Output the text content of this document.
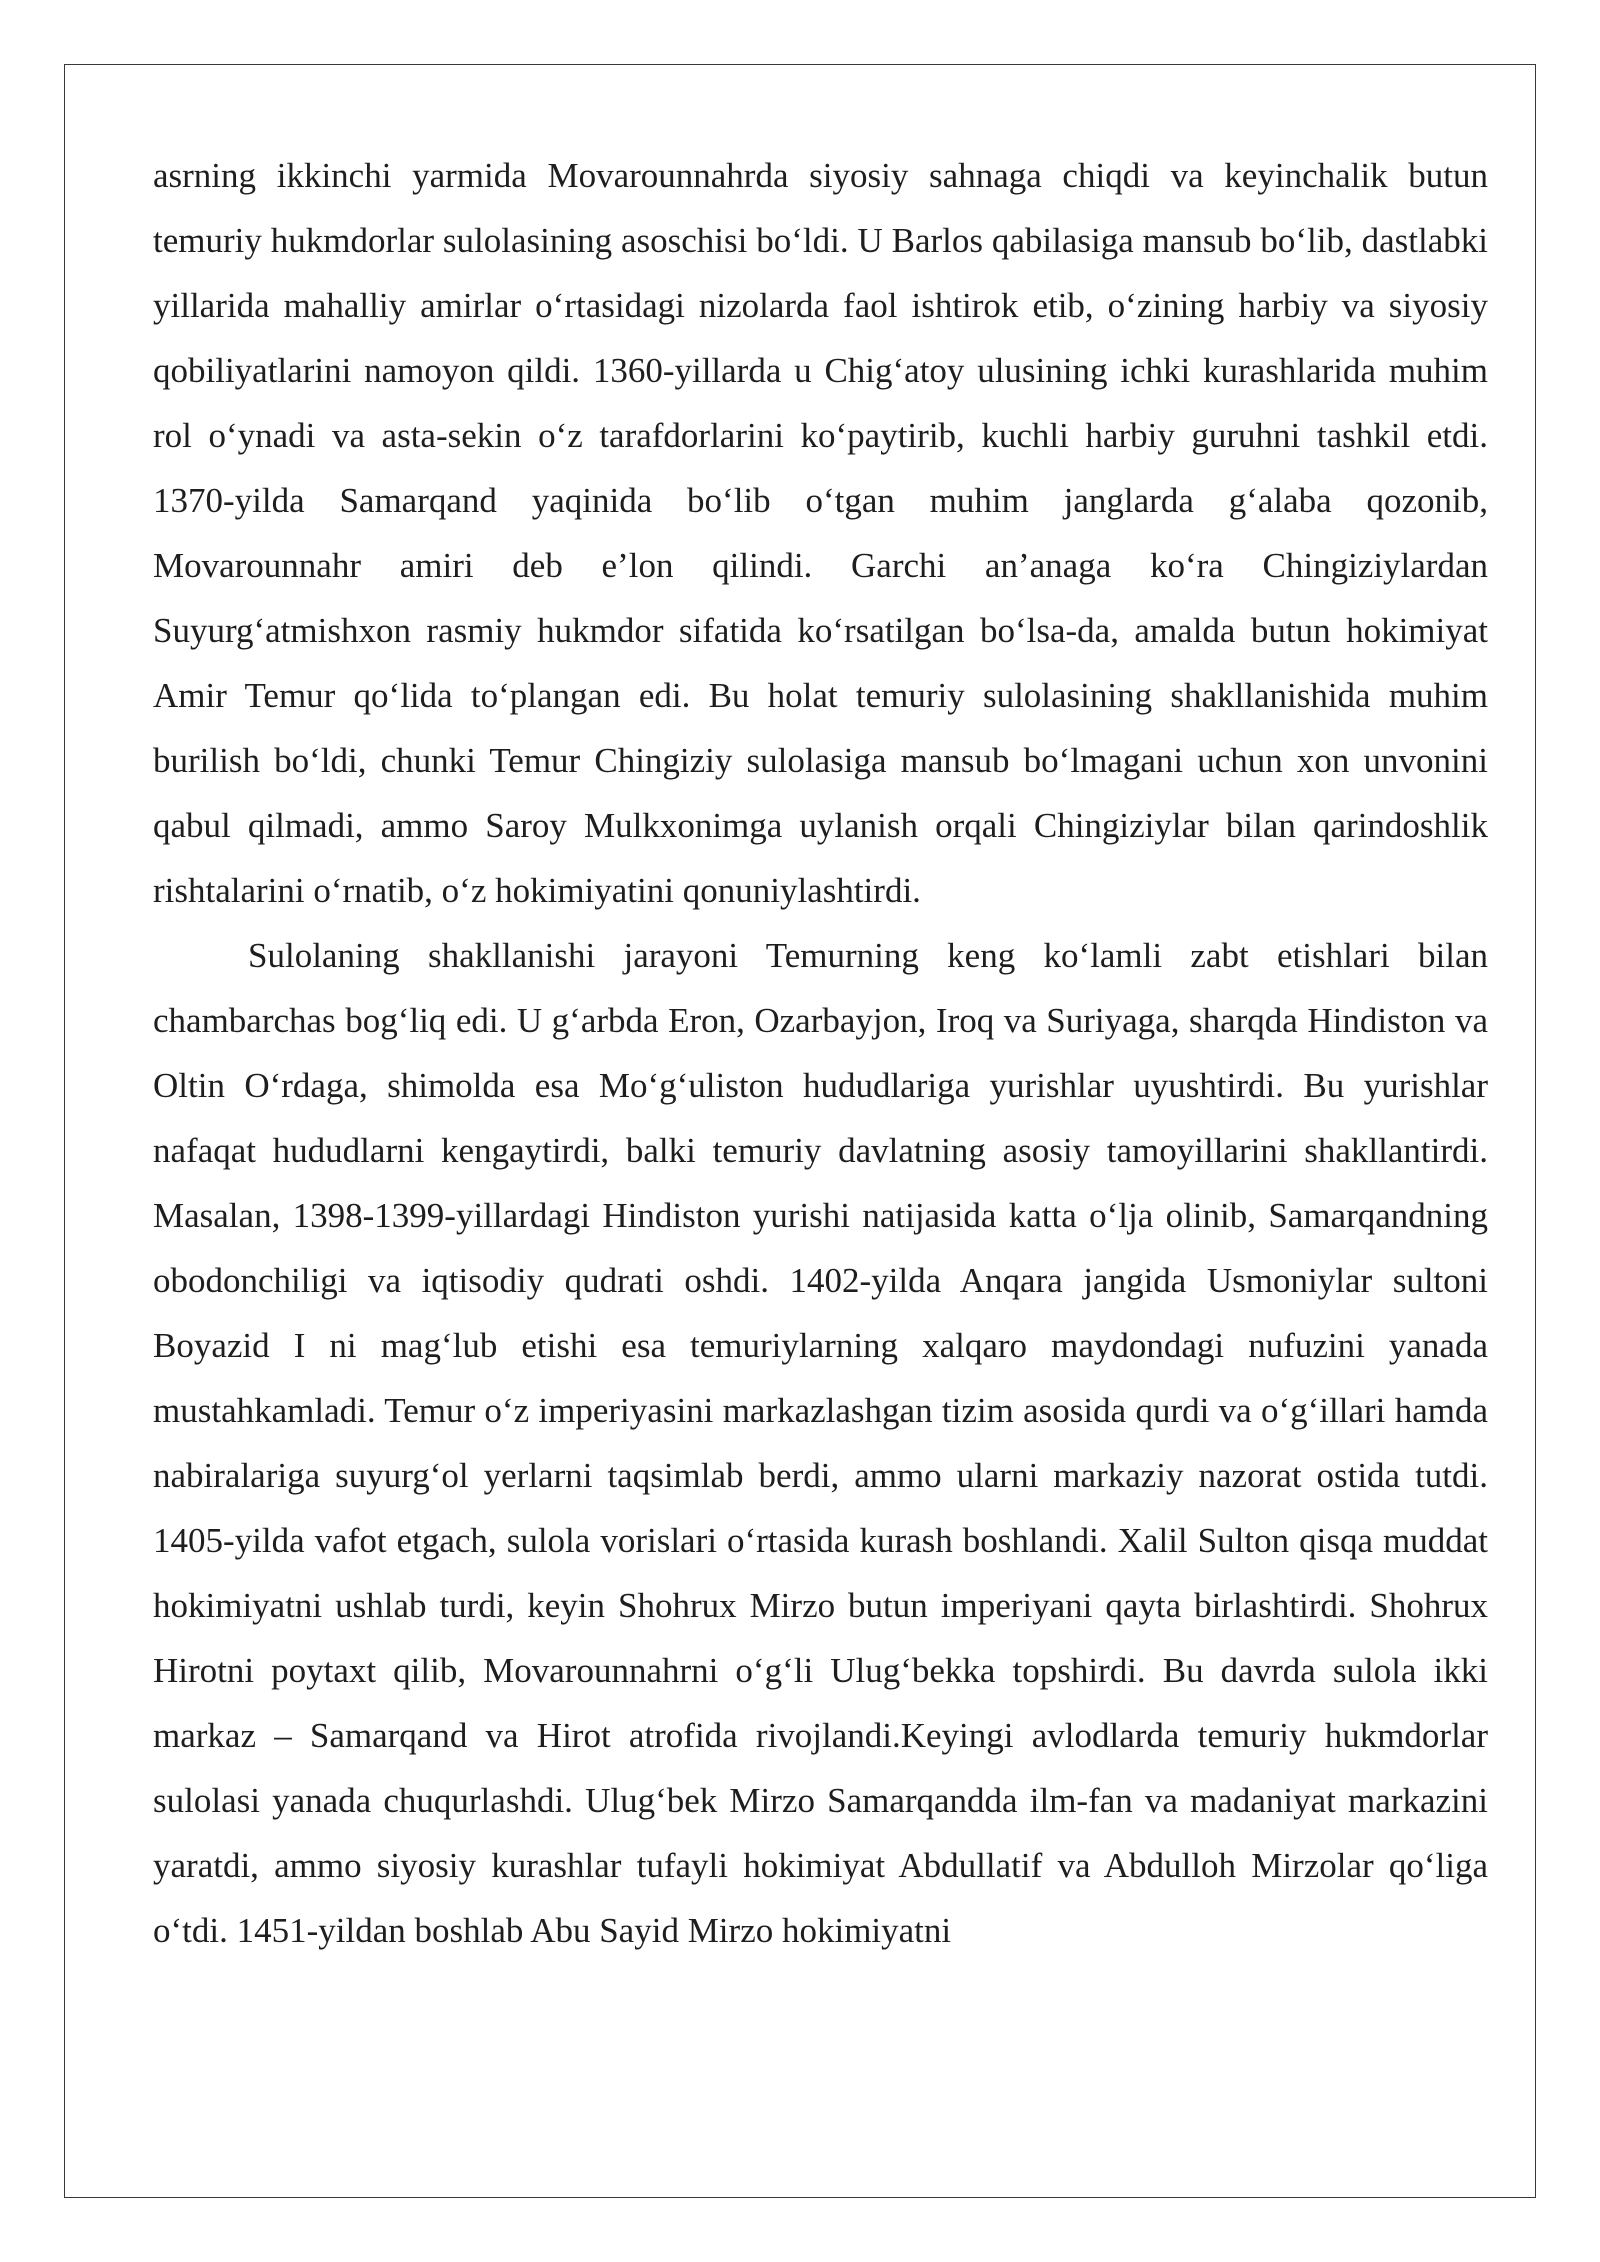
asrning ikkinchi yarmida Movarounnahrda siyosiy sahnaga chiqdi va keyinchalik butun temuriy hukmdorlar sulolasining asoschisi boʻldi. U Barlos qabilasiga mansub boʻlib, dastlabki yillarida mahalliy amirlar oʻrtasidagi nizolarda faol ishtirok etib, oʻzining harbiy va siyosiy qobiliyatlarini namoyon qildi. 1360-yillarda u Chigʻatoy ulusining ichki kurashlarida muhim rol oʻynadi va asta-sekin oʻz tarafdorlarini koʻpaytirib, kuchli harbiy guruhni tashkil etdi. 1370-yilda Samarqand yaqinida boʻlib oʻtgan muhim janglarda gʻalaba qozonib, Movarounnahr amiri deb e’lon qilindi. Garchi an’anaga koʻra Chingiziylardan Suyurgʻatmishxon rasmiy hukmdor sifatida koʻrsatilgan boʻlsa-da, amalda butun hokimiyat Amir Temur qoʻlida toʻplangan edi. Bu holat temuriy sulolasining shakllanishida muhim burilish boʻldi, chunki Temur Chingiziy sulolasiga mansub boʻlmagani uchun xon unvonini qabul qilmadi, ammo Saroy Mulkxonimga uylanish orqali Chingiziylar bilan qarindoshlik rishtalarini oʻrnatib, oʻz hokimiyatini qonuniylashtirdi.

Sulolaning shakllanishi jarayoni Temurning keng koʻlamli zabt etishlari bilan chambarchas bogʻliq edi. U gʻarbda Eron, Ozarbayjon, Iroq va Suriyaga, sharqda Hindiston va Oltin Oʻrdaga, shimolda esa Moʻgʻuliston hududlariga yurishlar uyushtirdi. Bu yurishlar nafaqat hududlarni kengaytirdi, balki temuriy davlatning asosiy tamoyillarini shakllantirdi. Masalan, 1398-1399-yillardagi Hindiston yurishi natijasida katta oʻlja olinib, Samarqandning obodonchiligi va iqtisodiy qudrati oshdi. 1402-yilda Anqara jangida Usmoniylar sultoni Boyazid I ni magʻlub etishi esa temuriylarning xalqaro maydondagi nufuzini yanada mustahkamladi. Temur oʻz imperiyasini markazlashgan tizim asosida qurdi va oʻgʻillari hamda nabiralariga suyurgʻol yerlarni taqsimlab berdi, ammo ularni markaziy nazorat ostida tutdi. 1405-yilda vafot etgach, sulola vorislari oʻrtasida kurash boshlandi. Xalil Sulton qisqa muddat hokimiyatni ushlab turdi, keyin Shohrux Mirzo butun imperiyani qayta birlashtirdi. Shohrux Hirotni poytaxt qilib, Movarounnahrni oʻgʻli Ulugʻbekka topshirdi. Bu davrda sulola ikki markaz – Samarqand va Hirot atrofida rivojlandi.Keyingi avlodlarda temuriy hukmdorlar sulolasi yanada chuqurlashdi. Ulugʻbek Mirzo Samarqandda ilm-fan va madaniyat markazini yaratdi, ammo siyosiy kurashlar tufayli hokimiyat Abdullatif va Abdulloh Mirzolar qoʻliga oʻtdi. 1451-yildan boshlab Abu Sayid Mirzo hokimiyatni
